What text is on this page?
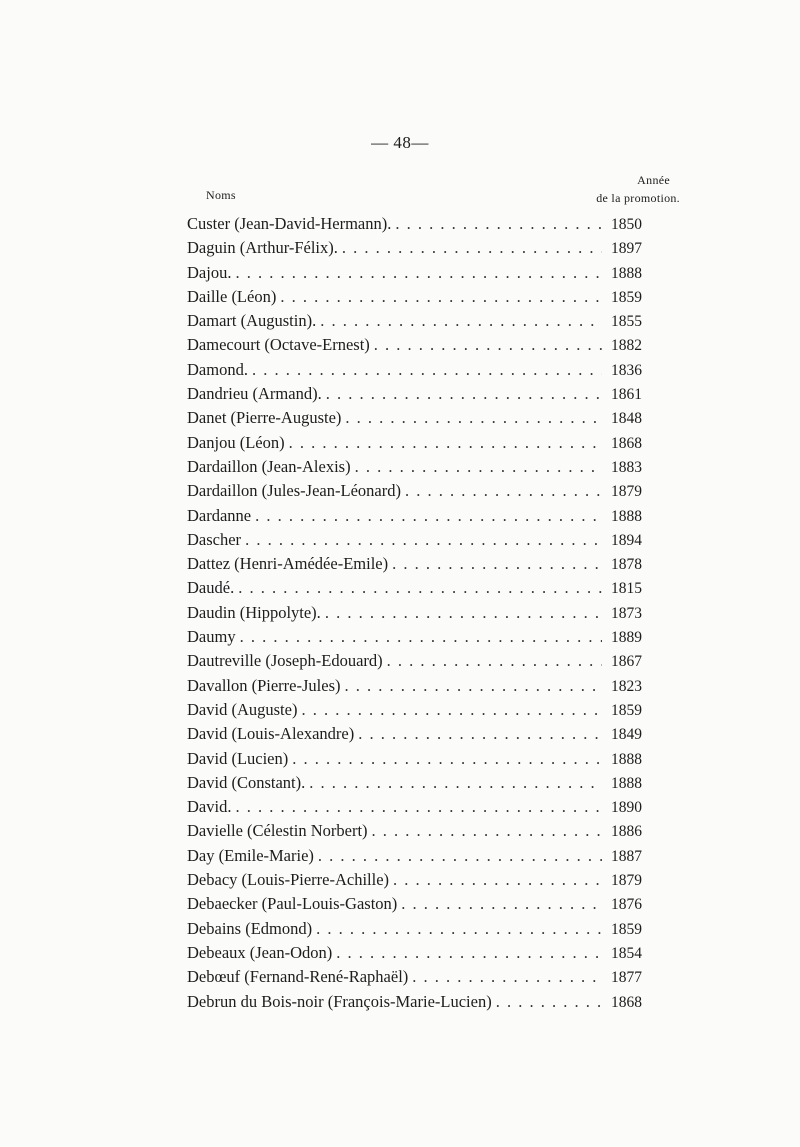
— 48—
Noms
Année
de la promotion.
Custer (Jean-David-Hermann). . . .	1850
Daguin (Arthur-Félix). . . .	1897
Dajou. . . .	1888
Daille (Léon) . . .	1859
Damart (Augustin). . . .	1855
Damecourt (Octave-Ernest) . . .	1882
Damond. . . .	1836
Dandrieu (Armand). . . .	1861
Danet (Pierre-Auguste) . . .	1848
Danjou (Léon) . . .	1868
Dardaillon (Jean-Alexis) . . .	1883
Dardaillon (Jules-Jean-Léonard) . . .	1879
Dardanne . . .	1888
Dascher . . .	1894
Dattez (Henri-Amédée-Emile) . . .	1878
Daudé. . . .	1815
Daudin (Hippolyte). . . .	1873
Daumy . . .	1889
Dautreville (Joseph-Edouard) . . .	1867
Davallon (Pierre-Jules) . . .	1823
David (Auguste) . . .	1859
David (Louis-Alexandre) . . .	1849
David (Lucien) . . .	1888
David (Constant). . . .	1888
David. . . .	1890
Davielle (Célestin Norbert) . . .	1886
Day (Emile-Marie) . . .	1887
Debacy (Louis-Pierre-Achille) . . .	1879
Debaecker (Paul-Louis-Gaston) . . .	1876
Debains (Edmond) . . .	1859
Debeaux (Jean-Odon) . . .	1854
Debœuf (Fernand-René-Raphaël) . . .	1877
Debrun du Bois-noir (François-Marie-Lucien) . . .	1868
